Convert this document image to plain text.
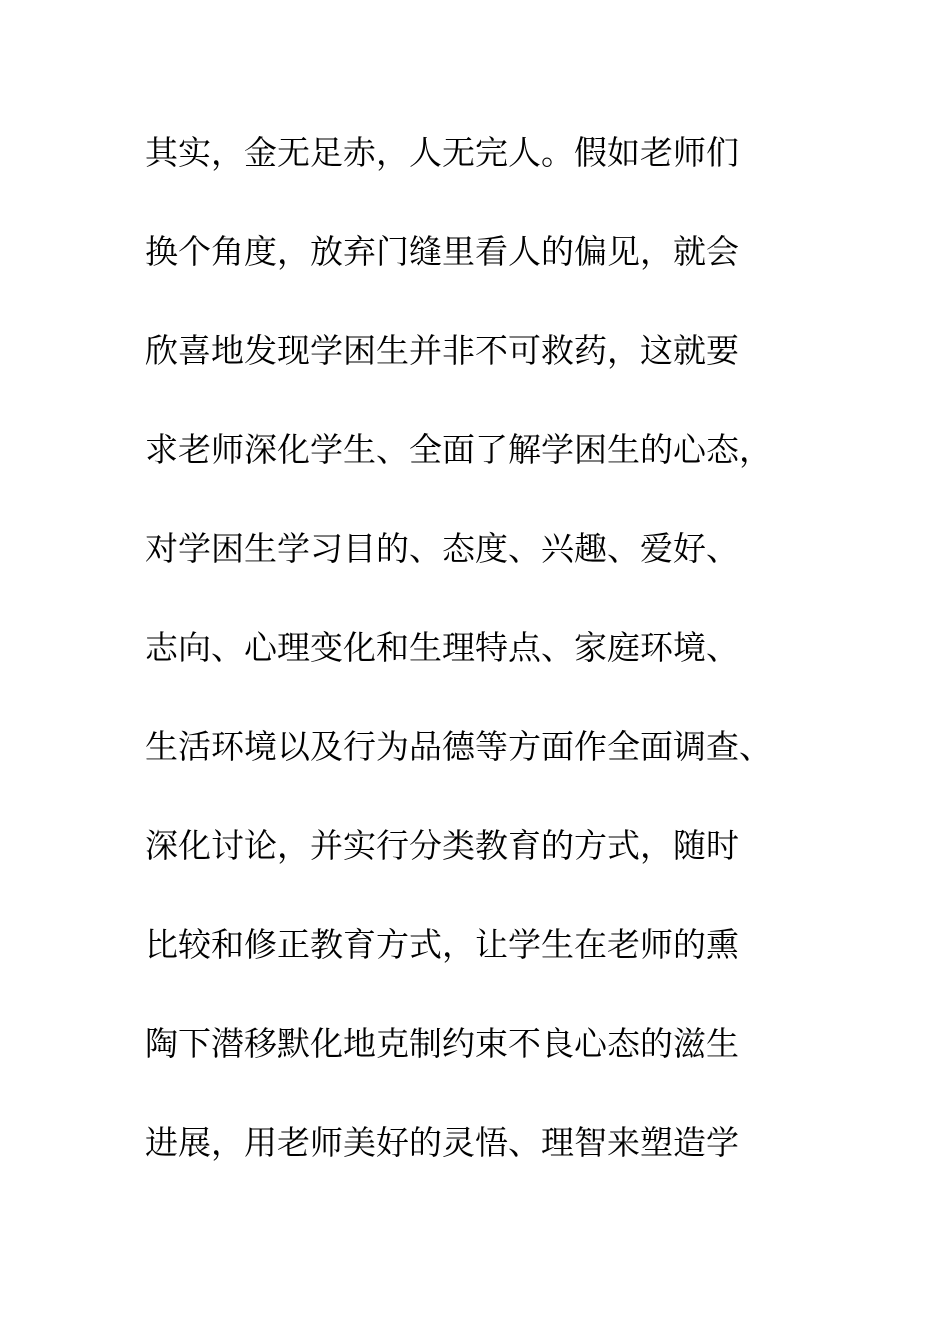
其实，金无足赤，人无完人。假如老师们
换个角度，放弃门缝里看人的偏见，就会
欣喜地发现学困生并非不可救药，这就要
求老师深化学生、全面了解学困生的心态，
对学困生学习目的、态度、兴趣、爱好、
志向、心理变化和生理特点、家庭环境、
生活环境以及行为品德等方面作全面调查、
深化讨论，并实行分类教育的方式，随时
比较和修正教育方式，让学生在老师的熏
陶下潜移默化地克制约束不良心态的滋生
进展，用老师美好的灵悟、理智来塑造学
